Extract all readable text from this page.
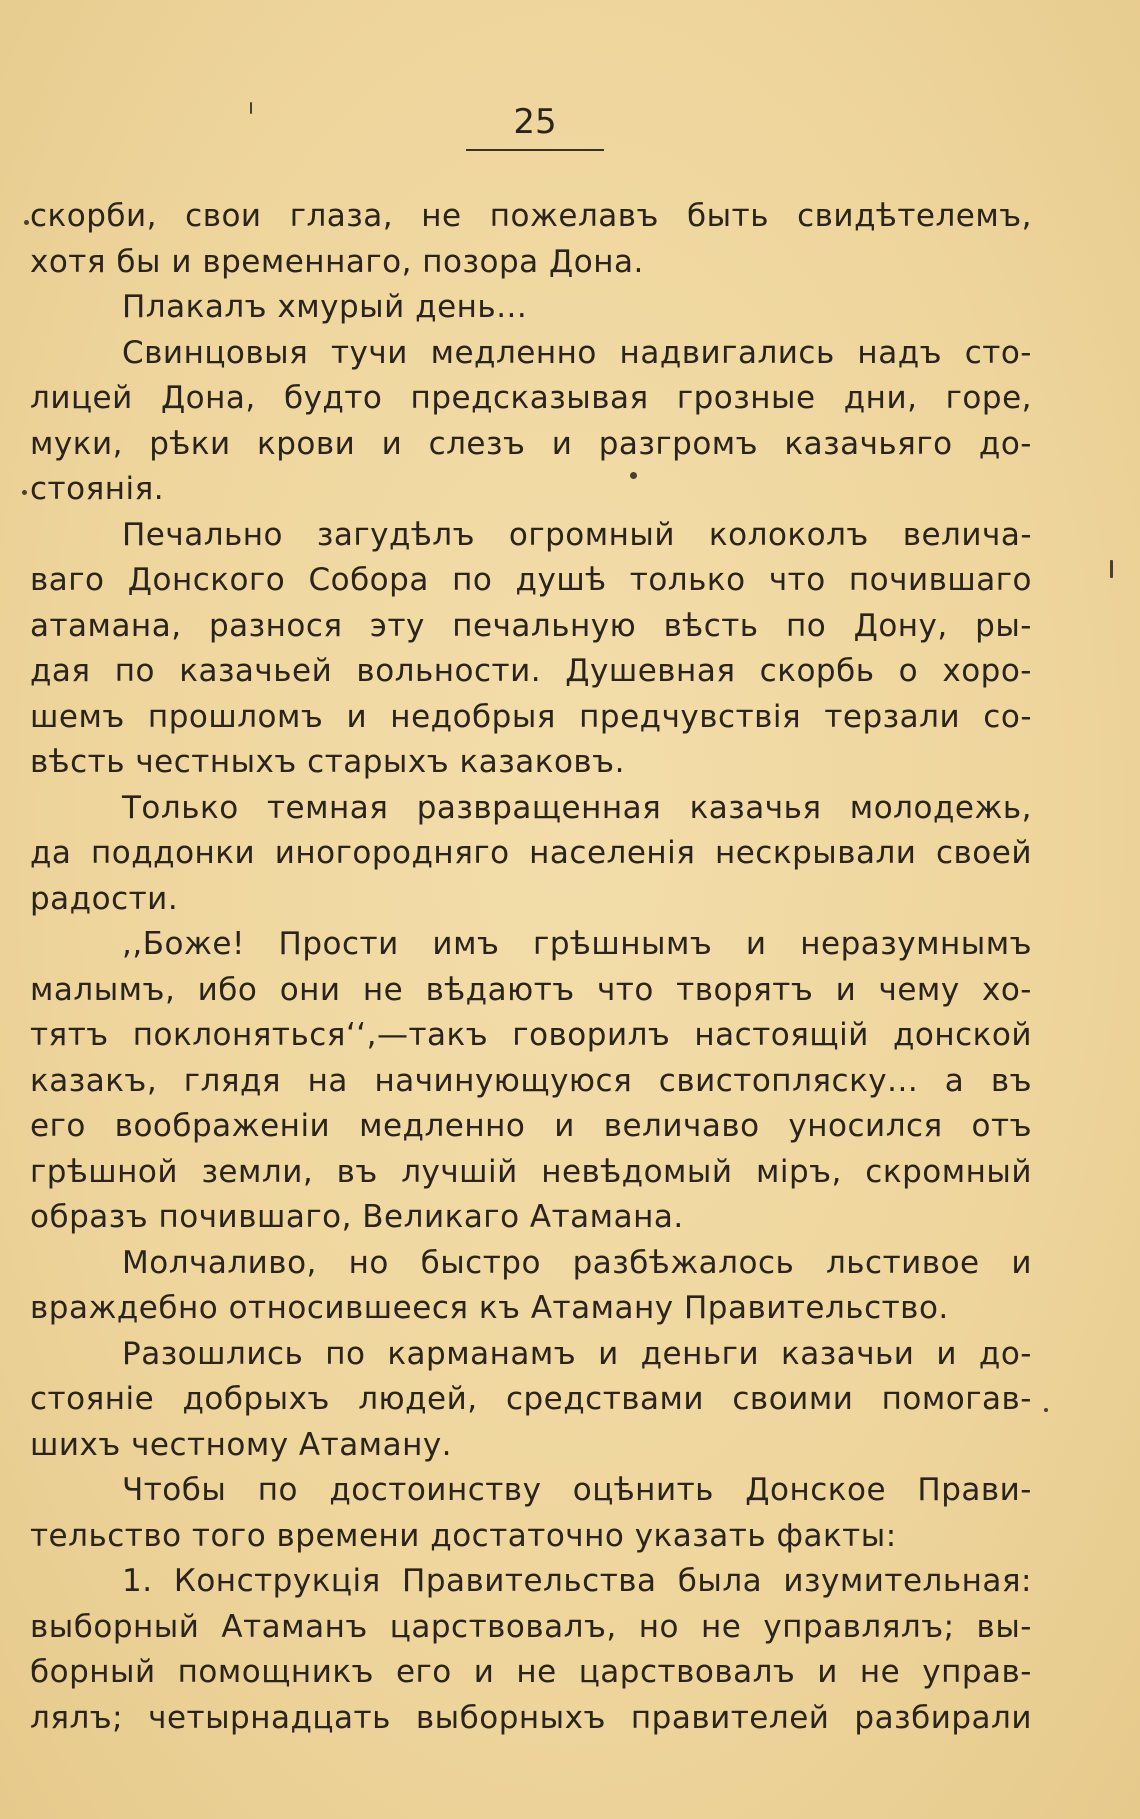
25
скорби, свои глаза, не пожелавъ быть свидѣтелемъ,
хотя бы и временнаго, позора Дона.
Плакалъ хмурый день...
Свинцовыя тучи медленно надвигались надъ сто-
лицей Дона, будто предсказывая грозные дни, горе,
муки, рѣки крови и слезъ и разгромъ казачьяго до-
стоянія.
Печально загудѣлъ огромный колоколъ велича-
ваго Донского Собора по душѣ только что почившаго
атамана, разнося эту печальную вѣсть по Дону, ры-
дая по казачьей вольности. Душевная скорбь о хоро-
шемъ прошломъ и недобрыя предчувствія терзали со-
вѣсть честныхъ старыхъ казаковъ.
Только темная развращенная казачья молодежь,
да поддонки иногородняго населенія нескрывали своей
радости.
,,Боже! Прости имъ грѣшнымъ и неразумнымъ
малымъ, ибо они не вѣдаютъ что творятъ и чему хо-
тятъ поклоняться‘‘,—такъ говорилъ настоящій донской
казакъ, глядя на начинующуюся свистопляску... а въ
его воображеніи медленно и величаво уносился отъ
грѣшной земли, въ лучшій невѣдомый міръ, скромный
образъ почившаго, Великаго Атамана.
Молчаливо, но быстро разбѣжалось льстивое и
враждебно относившееся къ Атаману Правительство.
Разошлись по карманамъ и деньги казачьи и до-
стояніе добрыхъ людей, средствами своими помогав-
шихъ честному Атаману.
Чтобы по достоинству оцѣнить Донское Прави-
тельство того времени достаточно указать факты:
1. Конструкція Правительства была изумительная:
выборный Атаманъ царствовалъ, но не управлялъ; вы-
борный помощникъ его и не царствовалъ и не управ-
лялъ; четырнадцать выборныхъ правителей разбирали
